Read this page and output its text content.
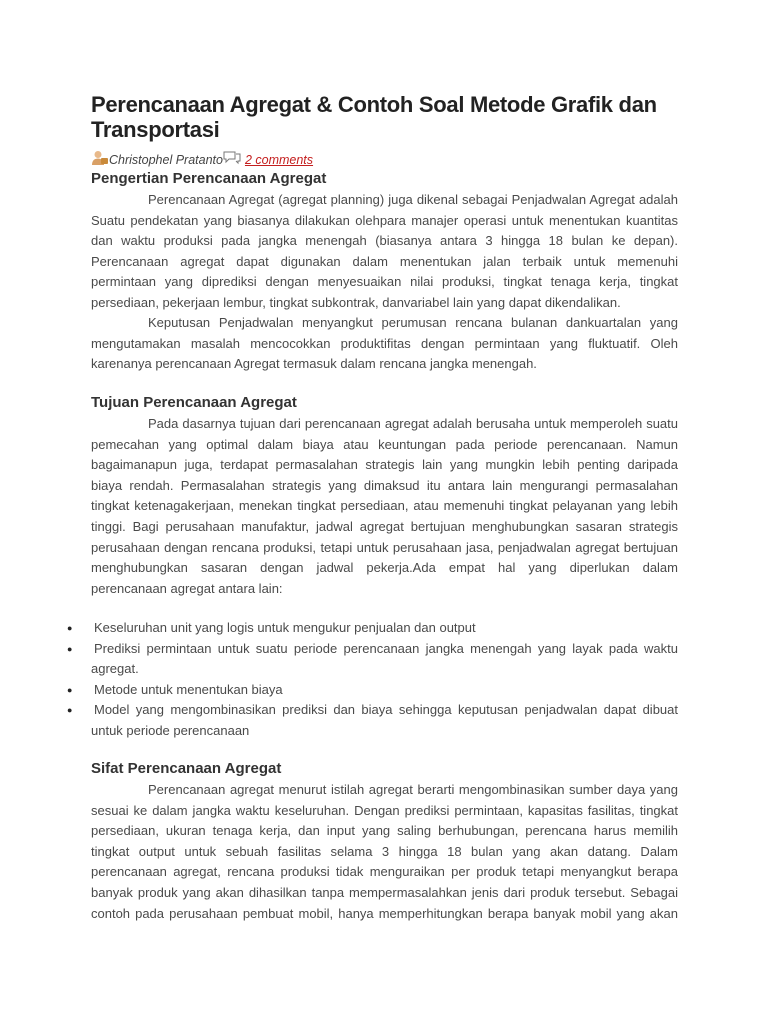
Perencanaan Agregat & Contoh Soal Metode Grafik dan
Transportasi
Christophel Pratanto 2 comments
Pengertian Perencanaan Agregat
Perencanaan Agregat (agregat planning) juga dikenal sebagai Penjadwalan Agregat adalah
Suatu pendekatan yang biasanya dilakukan olehpara manajer operasi untuk menentukan kuantitas
dan waktu produksi pada jangka menengah (biasanya antara 3 hingga 18 bulan ke depan).
Perencanaan agregat dapat digunakan dalam menentukan jalan terbaik untuk memenuhi
permintaan yang diprediksi dengan menyesuaikan nilai produksi, tingkat tenaga kerja, tingkat
persediaan, pekerjaan lembur, tingkat subkontrak, danvariabel lain yang dapat dikendalikan.
Keputusan Penjadwalan menyangkut perumusan rencana bulanan dankuartalan yang
mengutamakan masalah mencocokkan produktifitas dengan permintaan yang fluktuatif. Oleh
karenanya perencanaan Agregat termasuk dalam rencana jangka menengah.
Tujuan Perencanaan Agregat
Pada dasarnya tujuan dari perencanaan agregat adalah berusaha untuk memperoleh suatu
pemecahan yang optimal dalam biaya atau keuntungan pada periode perencanaan. Namun
bagaimanapun juga, terdapat permasalahan strategis lain yang mungkin lebih penting daripada
biaya rendah. Permasalahan strategis yang dimaksud itu antara lain mengurangi permasalahan
tingkat ketenagakerjaan, menekan tingkat persediaan, atau memenuhi tingkat pelayanan yang lebih
tinggi. Bagi perusahaan manufaktur, jadwal agregat bertujuan menghubungkan sasaran strategis
perusahaan dengan rencana produksi, tetapi untuk perusahaan jasa, penjadwalan agregat bertujuan
menghubungkan sasaran dengan jadwal pekerja.Ada empat hal yang diperlukan dalam
perencanaan agregat antara lain:
● Keseluruhan unit yang logis untuk mengukur penjualan dan output
● Prediksi permintaan untuk suatu periode perencanaan jangka menengah yang layak pada waktu
agregat.
● Metode untuk menentukan biaya
● Model yang mengombinasikan prediksi dan biaya sehingga keputusan penjadwalan dapat dibuat
untuk periode perencanaan
Sifat Perencanaan Agregat
Perencanaan agregat menurut istilah agregat berarti mengombinasikan sumber daya yang
sesuai ke dalam jangka waktu keseluruhan. Dengan prediksi permintaan, kapasitas fasilitas, tingkat
persediaan, ukuran tenaga kerja, dan input yang saling berhubungan, perencana harus memilih
tingkat output untuk sebuah fasilitas selama 3 hingga 18 bulan yang akan datang. Dalam
perencanaan agregat, rencana produksi tidak menguraikan per produk tetapi menyangkut berapa
banyak produk yang akan dihasilkan tanpa mempermasalahkan jenis dari produk tersebut. Sebagai
contoh pada perusahaan pembuat mobil, hanya memperhitungkan berapa banyak mobil yang akan
